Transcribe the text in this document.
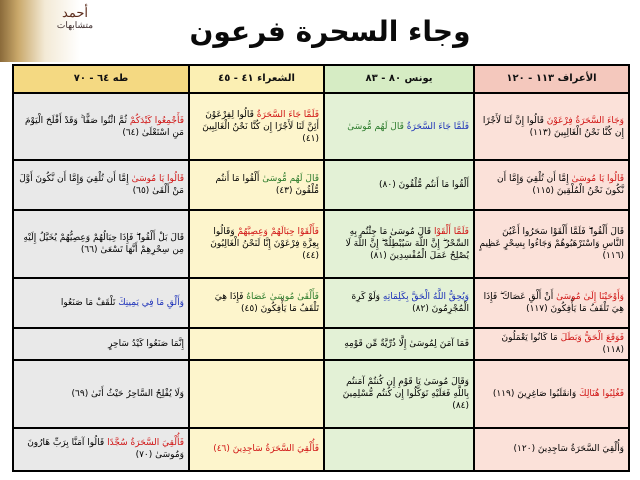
أحمد
متشابهات	وجاء السحرة فرعون
الأعراف ١١٣ - ١٢٠	يونس ٨٠ - ٨٣	الشعراء ٤١ - ٤٥	طه ٦٤ - ٧٠
وَجَاءَ السَّحَرَةُ فِرْعَوْنَ قَالُوا إِنَّ لَنَا لَأَجْرًا إِن كُنَّا نَحْنُ الْغَالِبِينَ (١١٣)	فَلَمَّا جَاءَ السَّحَرَةُ قَالَ لَهُم مُّوسَىٰ	فَلَمَّا جَاءَ السَّحَرَةُ قَالُوا لِفِرْعَوْنَ أَئِنَّ لَنَا لَأَجْرًا إِن كُنَّا نَحْنُ الْغَالِبِينَ (٤١)	فَأَجْمِعُوا كَيْدَكُمْ ثُمَّ ائْتُوا صَفًّا ۚ وَقَدْ أَفْلَحَ الْيَوْمَ مَنِ اسْتَعْلَىٰ (٦٤)
قَالُوا يَا مُوسَىٰ إِمَّا أَن تُلْقِيَ وَإِمَّا أَن نَّكُونَ نَحْنُ الْمُلْقِينَ (١١٥)	أَلْقُوا مَا أَنتُم مُّلْقُونَ (٨٠)	قَالَ لَهُم مُّوسَىٰ أَلْقُوا مَا أَنتُم مُّلْقُونَ (٤٣)	قَالُوا يَا مُوسَىٰ إِمَّا أَن تُلْقِيَ وَإِمَّا أَن نَّكُونَ أَوَّلَ مَنْ أَلْقَىٰ (٦٥)
قَالَ أَلْقُوا ۖ فَلَمَّا أَلْقَوْا سَحَرُوا أَعْيُنَ النَّاسِ وَاسْتَرْهَبُوهُمْ وَجَاءُوا بِسِحْرٍ عَظِيمٍ (١١٦)	فَلَمَّا أَلْقَوْا قَالَ مُوسَىٰ مَا جِئْتُم بِهِ السِّحْرُ ۖ إِنَّ اللَّهَ سَيُبْطِلُهُ ۖ إِنَّ اللَّهَ لَا يُصْلِحُ عَمَلَ الْمُفْسِدِينَ (٨١)	فَأَلْقَوْا حِبَالَهُمْ وَعِصِيَّهُمْ وَقَالُوا بِعِزَّةِ فِرْعَوْنَ إِنَّا لَنَحْنُ الْغَالِبُونَ (٤٤)	قَالَ بَلْ أَلْقُوا ۖ فَإِذَا حِبَالُهُمْ وَعِصِيُّهُمْ يُخَيَّلُ إِلَيْهِ مِن سِحْرِهِمْ أَنَّهَا تَسْعَىٰ (٦٦)
وَأَوْحَيْنَا إِلَىٰ مُوسَىٰ أَنْ أَلْقِ عَصَاكَ ۖ فَإِذَا هِيَ تَلْقَفُ مَا يَأْفِكُونَ (١١٧)	وَيُحِقُّ اللَّهُ الْحَقَّ بِكَلِمَاتِهِ وَلَوْ كَرِهَ الْمُجْرِمُونَ (٨٢)	فَأَلْقَىٰ مُوسَىٰ عَصَاهُ فَإِذَا هِيَ تَلْقَفُ مَا يَأْفِكُونَ (٤٥)	وَأَلْقِ مَا فِي يَمِينِكَ تَلْقَفْ مَا صَنَعُوا
فَوَقَعَ الْحَقُّ وَبَطَلَ مَا كَانُوا يَعْمَلُونَ (١١٨)	فَمَا آمَنَ لِمُوسَىٰ إِلَّا ذُرِّيَّةٌ مِّن قَوْمِهِ		إِنَّمَا صَنَعُوا كَيْدُ سَاحِرٍ
فَغُلِبُوا هُنَالِكَ وَانقَلَبُوا صَاغِرِينَ (١١٩)	وَقَالَ مُوسَىٰ يَا قَوْمِ إِن كُنتُمْ آمَنتُم بِاللَّهِ فَعَلَيْهِ تَوَكَّلُوا إِن كُنتُم مُّسْلِمِينَ (٨٤)		وَلَا يُفْلِحُ السَّاحِرُ حَيْثُ أَتَىٰ (٦٩)
وَأُلْقِيَ السَّحَرَةُ سَاجِدِينَ (١٢٠)		فَأُلْقِيَ السَّحَرَةُ سَاجِدِينَ (٤٦)	فَأُلْقِيَ السَّحَرَةُ سُجَّدًا قَالُوا آمَنَّا بِرَبِّ هَارُونَ وَمُوسَىٰ (٧٠)
